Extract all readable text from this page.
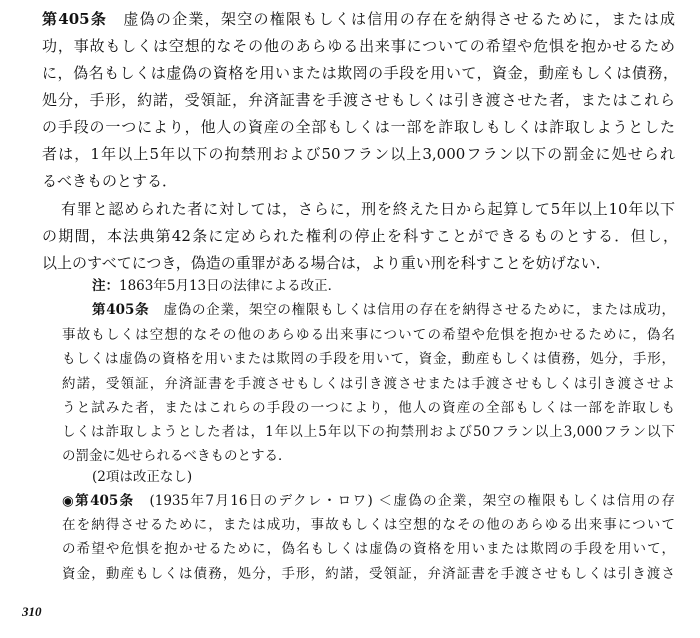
第405条　虚偽の企業，架空の権限もしくは信用の存在を納得させるために，または成
功，事故もしくは空想的なその他のあらゆる出来事についての希望や危惧を抱かせるため
に，偽名もしくは虚偽の資格を用いまたは欺罔の手段を用いて，資金，動産もしくは債務，
処分，手形，約諾，受領証，弁済証書を手渡させもしくは引き渡させた者，またはこれら
の手段の一つにより，他人の資産の全部もしくは一部を詐取しもしくは詐取しようとした
者は，1年以上5年以下の拘禁刑および50フラン以上3,000フラン以下の罰金に処せられ
るべきものとする．
有罪と認められた者に対しては，さらに，刑を終えた日から起算して5年以上10年以下
の期間，本法典第42条に定められた権利の停止を科すことができるものとする．但し，
以上のすべてにつき，偽造の重罪がある場合は，より重い刑を科すことを妨げない．
注：1863年5月13日の法律による改正．
第405条　虚偽の企業，架空の権限もしくは信用の存在を納得させるために，または成功，
事故もしくは空想的なその他のあらゆる出来事についての希望や危惧を抱かせるために，偽名
もしくは虚偽の資格を用いまたは欺罔の手段を用いて，資金，動産もしくは債務，処分，手形，
約諾，受領証，弁済証書を手渡させもしくは引き渡させまたは手渡させもしくは引き渡させよ
うと試みた者，またはこれらの手段の一つにより，他人の資産の全部もしくは一部を詐取しも
しくは詐取しようとした者は，1年以上5年以下の拘禁刑および50フラン以上3,000フラン以下
の罰金に処せられるべきものとする．
(2項は改正なし)
◉第405条　(1935年7月16日のデクレ・ロワ) ＜虚偽の企業，架空の権限もしくは信用の存
在を納得させるために，または成功，事故もしくは空想的なその他のあらゆる出来事について
の希望や危惧を抱かせるために，偽名もしくは虚偽の資格を用いまたは欺罔の手段を用いて，
資金，動産もしくは債務，処分，手形，約諾，受領証，弁済証書を手渡させもしくは引き渡さ
310
